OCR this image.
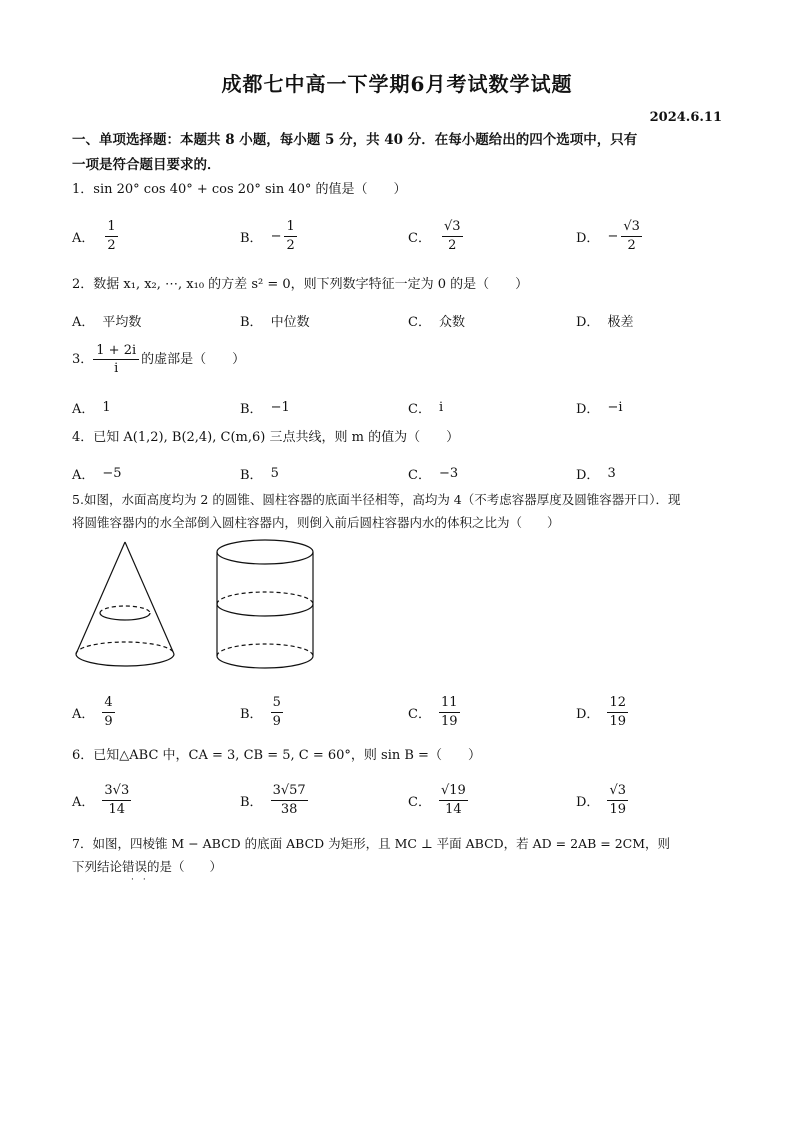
成都七中高一下学期6月考试数学试题
2024.6.11
一、单项选择题：本题共 8 小题，每小题 5 分，共 40 分．在每小题给出的四个选项中，只有
一项是符合题目要求的．
1．sin 20° cos 40° + cos 20° sin 40° 的值是（　　）
A． $\frac{1}{2}$	B． − $\frac{1}{2}$	C． $\frac{√3}{2}$	D． − $\frac{√3}{2}$
2．数据 x₁, x₂, ⋯, x₁₀ 的方差 s² = 0，则下列数字特征一定为 0 的是（　　）
A． 平均数	B． 中位数	C． 众数	D． 极差
3． $\frac{1 + 2i}{i}$ 的虚部是（　　）
A． 1	B． −1	C． i	D． −i
4．已知 A(1,2), B(2,4), C(m,6) 三点共线，则 m 的值为（　　）
A． −5	B． 5	C． −3	D． 3
5.如图，水面高度均为 2 的圆锥、圆柱容器的底面半径相等，高均为 4（不考虑容器厚度及圆锥容器开口）．现
将圆锥容器内的水全部倒入圆柱容器内，则倒入前后圆柱容器内水的体积之比为（　　）
A． $\frac{4}{9}$	B． $\frac{5}{9}$	C． $\frac{11}{19}$	D． $\frac{12}{19}$
6．已知△ABC 中，CA = 3, CB = 5, C = 60°，则 sin B =（　　）
A． $\frac{3√3}{14}$	B． $\frac{3√57}{38}$	C． $\frac{√19}{14}$	D． $\frac{√3}{19}$
7．如图，四棱锥 M − ABCD 的底面 ABCD 为矩形，且 MC ⊥ 平面 ABCD，若 AD = 2AB = 2CM，则
下列结论错误的是（　　）
·　·
